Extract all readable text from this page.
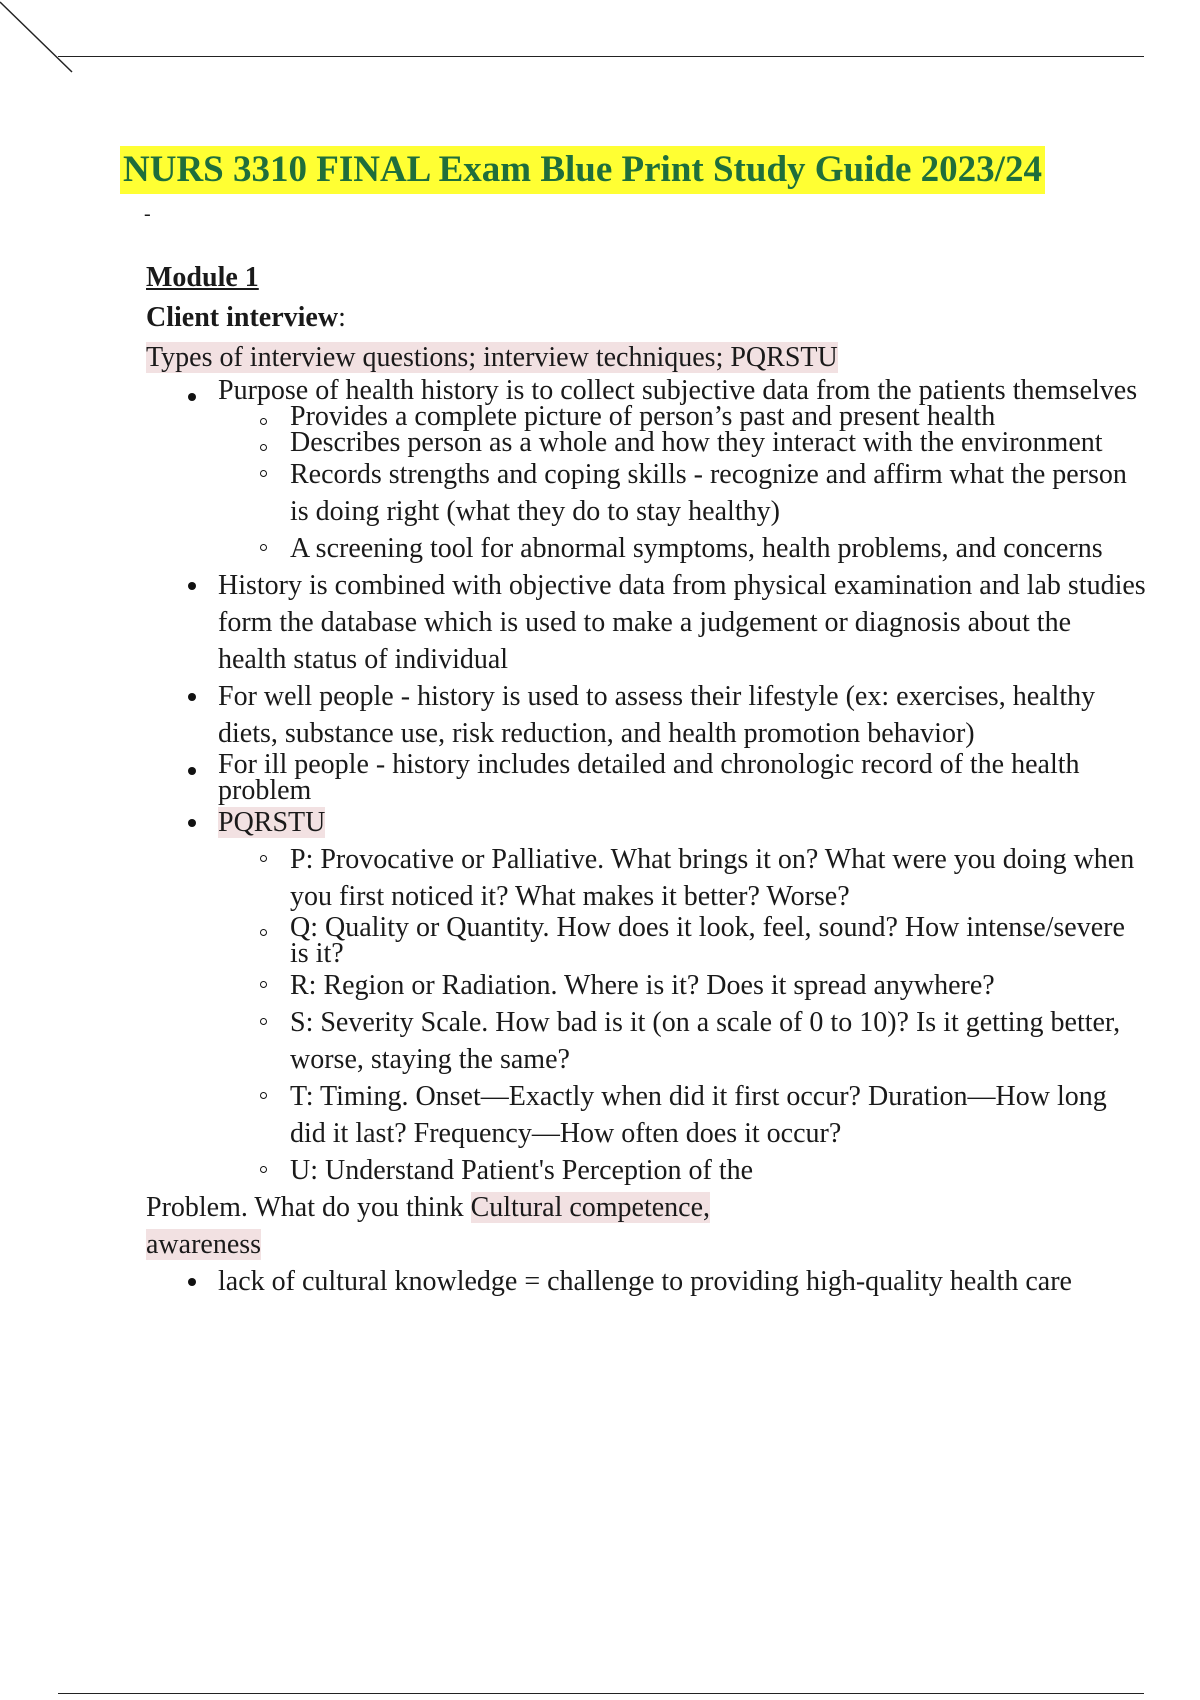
NURS 3310 FINAL Exam Blue Print Study Guide 2023/24
-

Module 1

Client interview:

Types of interview questions; interview techniques; PQRSTU

Purpose of health history is to collect subjective data from the patients themselves
Provides a complete picture of person’s past and present health
Describes person as a whole and how they interact with the environment
Records strengths and coping skills - recognize and affirm what the person is doing right (what they do to stay healthy)
A screening tool for abnormal symptoms, health problems, and concerns
History is combined with objective data from physical examination and lab studies form the database which is used to make a judgement or diagnosis about the health status of individual
For well people - history is used to assess their lifestyle (ex: exercises, healthy diets, substance use, risk reduction, and health promotion behavior)
For ill people - history includes detailed and chronologic record of the health problem
PQRSTU
P: Provocative or Palliative. What brings it on? What were you doing when you first noticed it? What makes it better? Worse?
Q: Quality or Quantity. How does it look, feel, sound? How intense/severe is it?
R: Region or Radiation. Where is it? Does it spread anywhere?
S: Severity Scale. How bad is it (on a scale of 0 to 10)? Is it getting better, worse, staying the same?
T: Timing. Onset—Exactly when did it first occur? Duration—How long did it last? Frequency—How often does it occur?
U: Understand Patient's Perception of the

Problem. What do you think Cultural competence,

awareness

lack of cultural knowledge = challenge to providing high-quality health care
